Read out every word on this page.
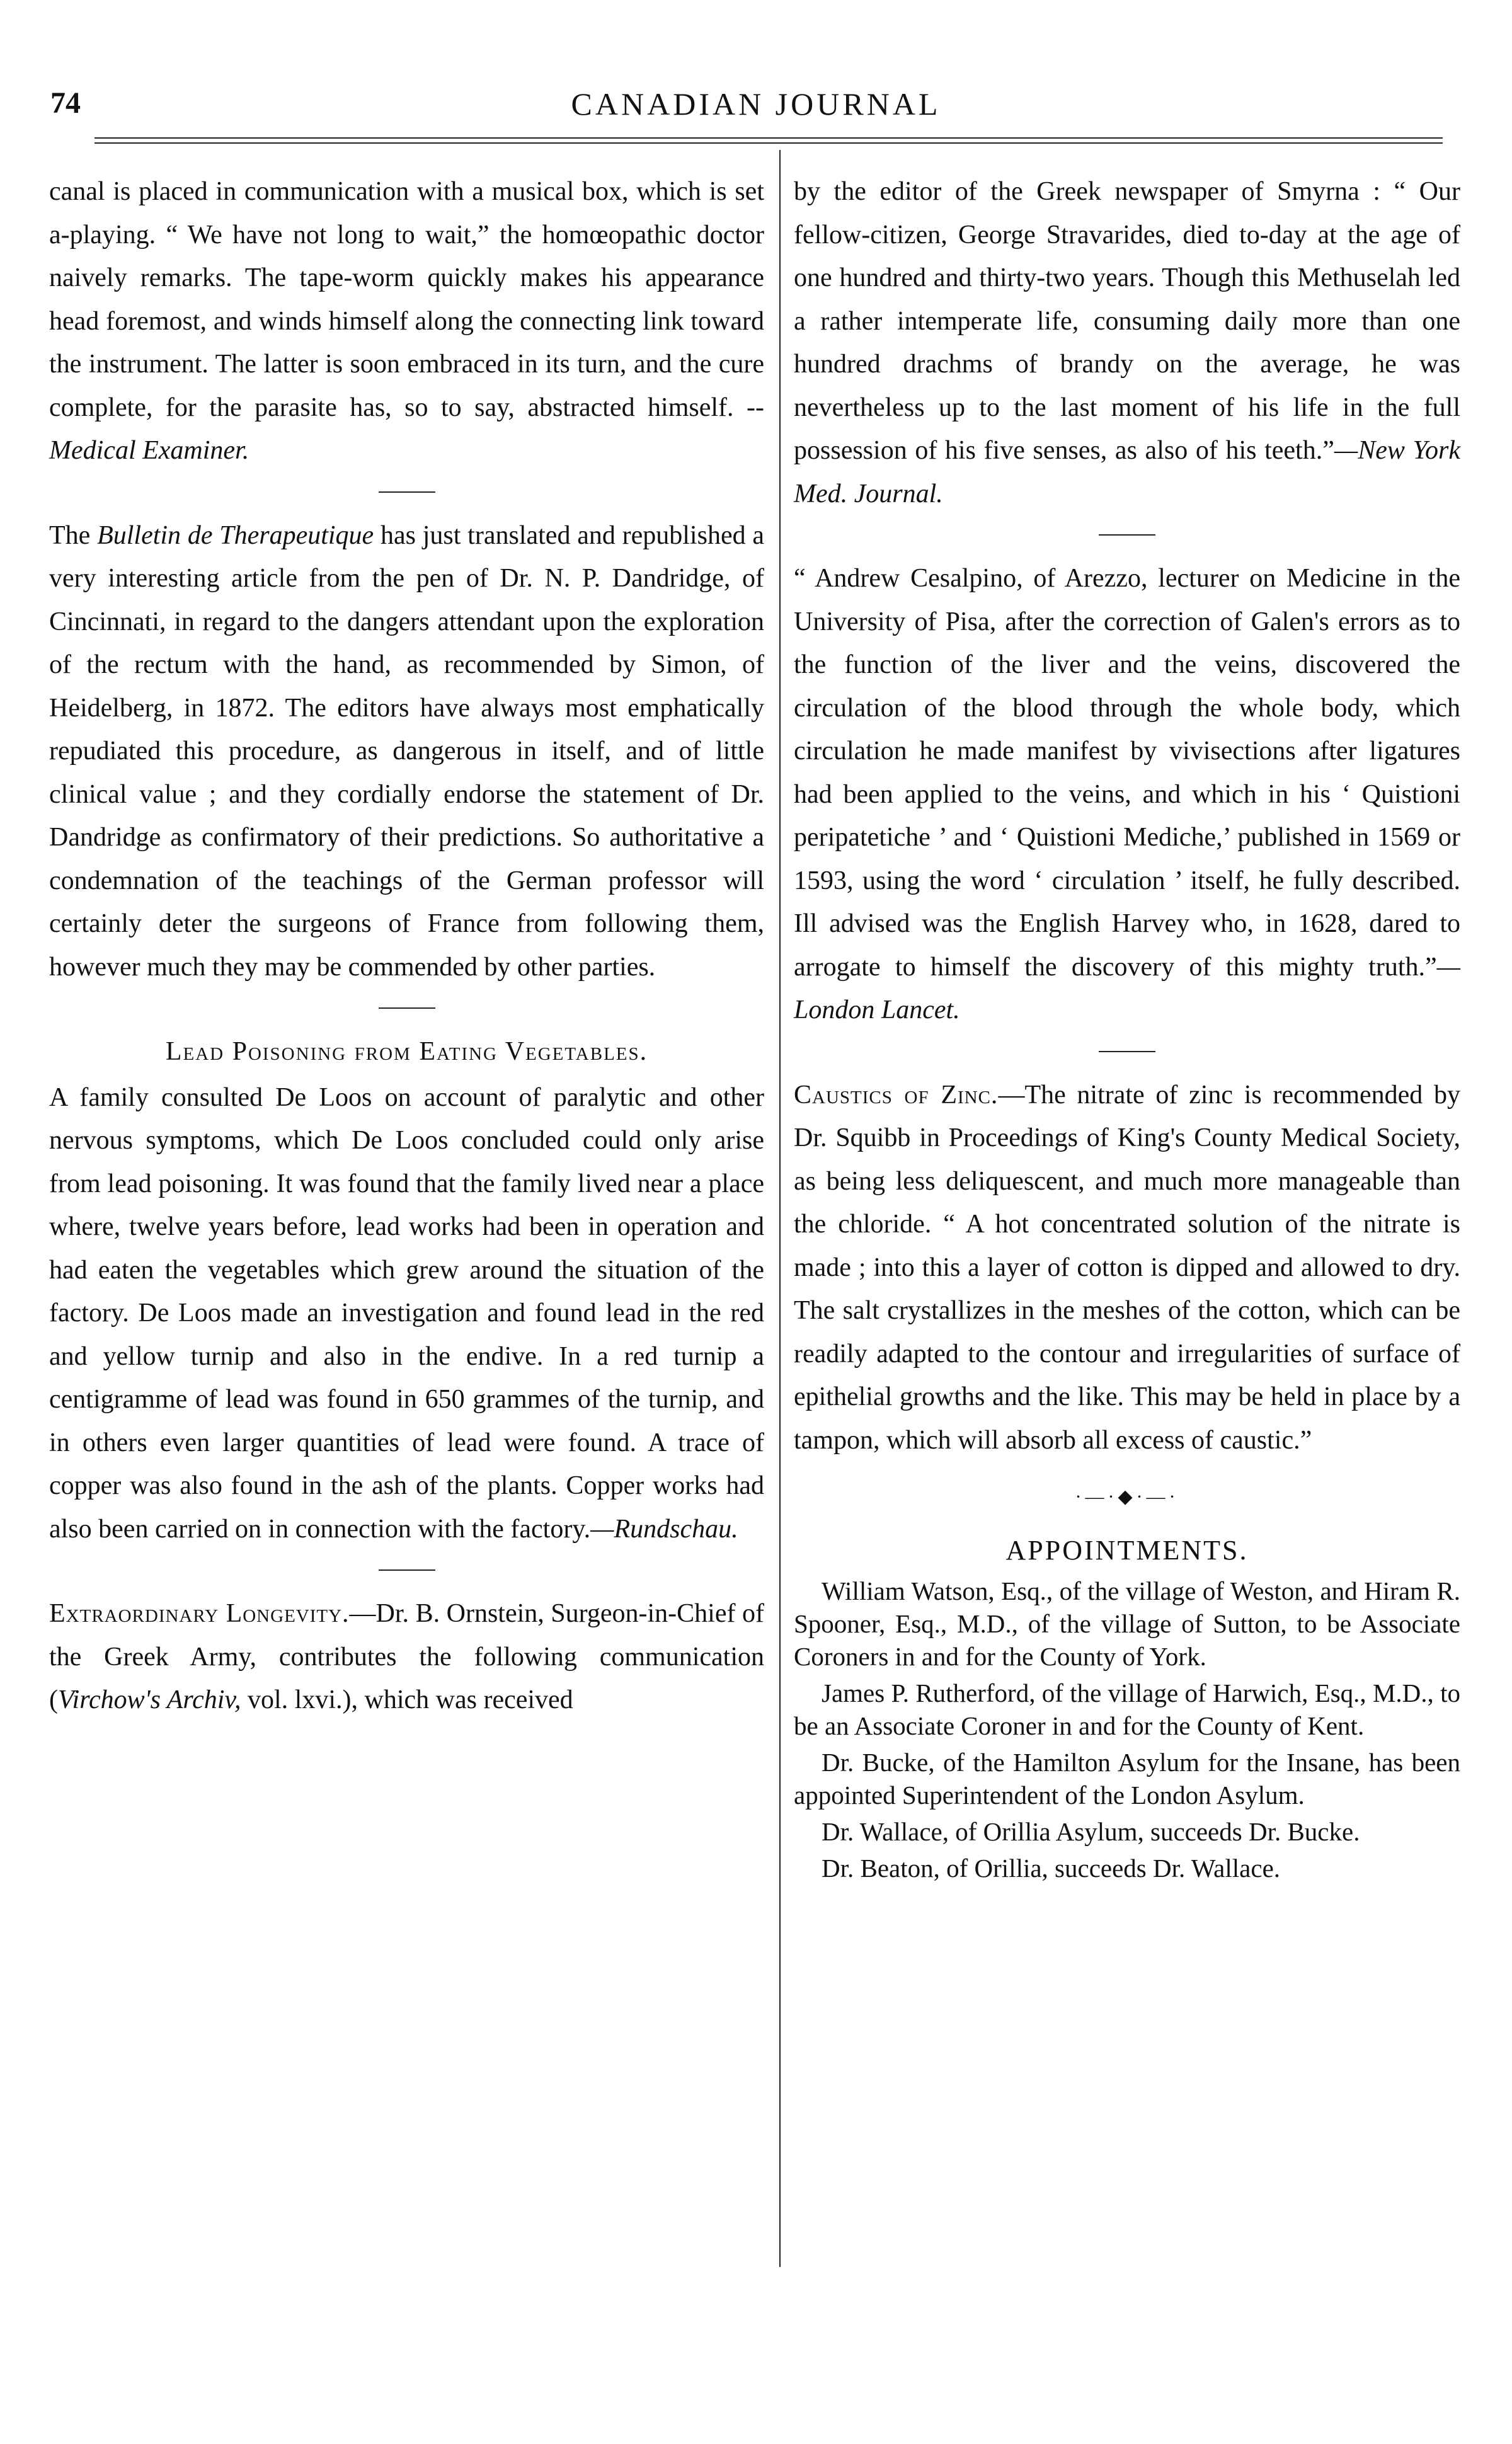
74	CANADIAN JOURNAL

canal is placed in communication with a musical box, which is set a-playing. “ We have not long to wait,” the homœopathic doctor naively remarks. The tape-worm quickly makes his appearance head foremost, and winds himself along the connecting link toward the instrument. The latter is soon embraced in its turn, and the cure complete, for the parasite has, so to say, abstracted himself. --Medical Examiner.

The Bulletin de Therapeutique has just translated and republished a very interesting article from the pen of Dr. N. P. Dandridge, of Cincinnati, in regard to the dangers attendant upon the exploration of the rectum with the hand, as recommended by Simon, of Heidelberg, in 1872. The editors have always most emphatically repudiated this procedure, as dangerous in itself, and of little clinical value ; and they cordially endorse the statement of Dr. Dandridge as confirmatory of their predictions. So authoritative a condemnation of the teachings of the German professor will certainly deter the surgeons of France from following them, however much they may be commended by other parties.

Lead Poisoning from Eating Vegetables.

A family consulted De Loos on account of paralytic and other nervous symptoms, which De Loos concluded could only arise from lead poisoning. It was found that the family lived near a place where, twelve years before, lead works had been in operation and had eaten the vegetables which grew around the situation of the factory. De Loos made an investigation and found lead in the red and yellow turnip and also in the endive. In a red turnip a centigramme of lead was found in 650 grammes of the turnip, and in others even larger quantities of lead were found. A trace of copper was also found in the ash of the plants. Copper works had also been carried on in connection with the factory.—Rundschau.

Extraordinary Longevity.—Dr. B. Ornstein, Surgeon-in-Chief of the Greek Army, contributes the following communication (Virchow's Archiv, vol. lxvi.), which was received

by the editor of the Greek newspaper of Smyrna : “ Our fellow-citizen, George Stravarides, died to-day at the age of one hundred and thirty-two years. Though this Methuselah led a rather intemperate life, consuming daily more than one hundred drachms of brandy on the average, he was nevertheless up to the last moment of his life in the full possession of his five senses, as also of his teeth.”—New York Med. Journal.

“ Andrew Cesalpino, of Arezzo, lecturer on Medicine in the University of Pisa, after the correction of Galen's errors as to the function of the liver and the veins, discovered the circulation of the blood through the whole body, which circulation he made manifest by vivisections after ligatures had been applied to the veins, and which in his ‘ Quistioni peripatetiche ’ and ‘ Quistioni Mediche,’ published in 1569 or 1593, using the word ‘ circulation ’ itself, he fully described. Ill advised was the English Harvey who, in 1628, dared to arrogate to himself the discovery of this mighty truth.”—London Lancet.

Caustics of Zinc.—The nitrate of zinc is recommended by Dr. Squibb in Proceedings of King's County Medical Society, as being less deliquescent, and much more manageable than the chloride. “ A hot concentrated solution of the nitrate is made ; into this a layer of cotton is dipped and allowed to dry. The salt crystallizes in the meshes of the cotton, which can be readily adapted to the contour and irregularities of surface of epithelial growths and the like. This may be held in place by a tampon, which will absorb all excess of caustic.”

·—·◆·—·

APPOINTMENTS.

William Watson, Esq., of the village of Weston, and Hiram R. Spooner, Esq., M.D., of the village of Sutton, to be Associate Coroners in and for the County of York.

James P. Rutherford, of the village of Harwich, Esq., M.D., to be an Associate Coroner in and for the County of Kent.

Dr. Bucke, of the Hamilton Asylum for the Insane, has been appointed Superintendent of the London Asylum.

Dr. Wallace, of Orillia Asylum, succeeds Dr. Bucke.

Dr. Beaton, of Orillia, succeeds Dr. Wallace.
